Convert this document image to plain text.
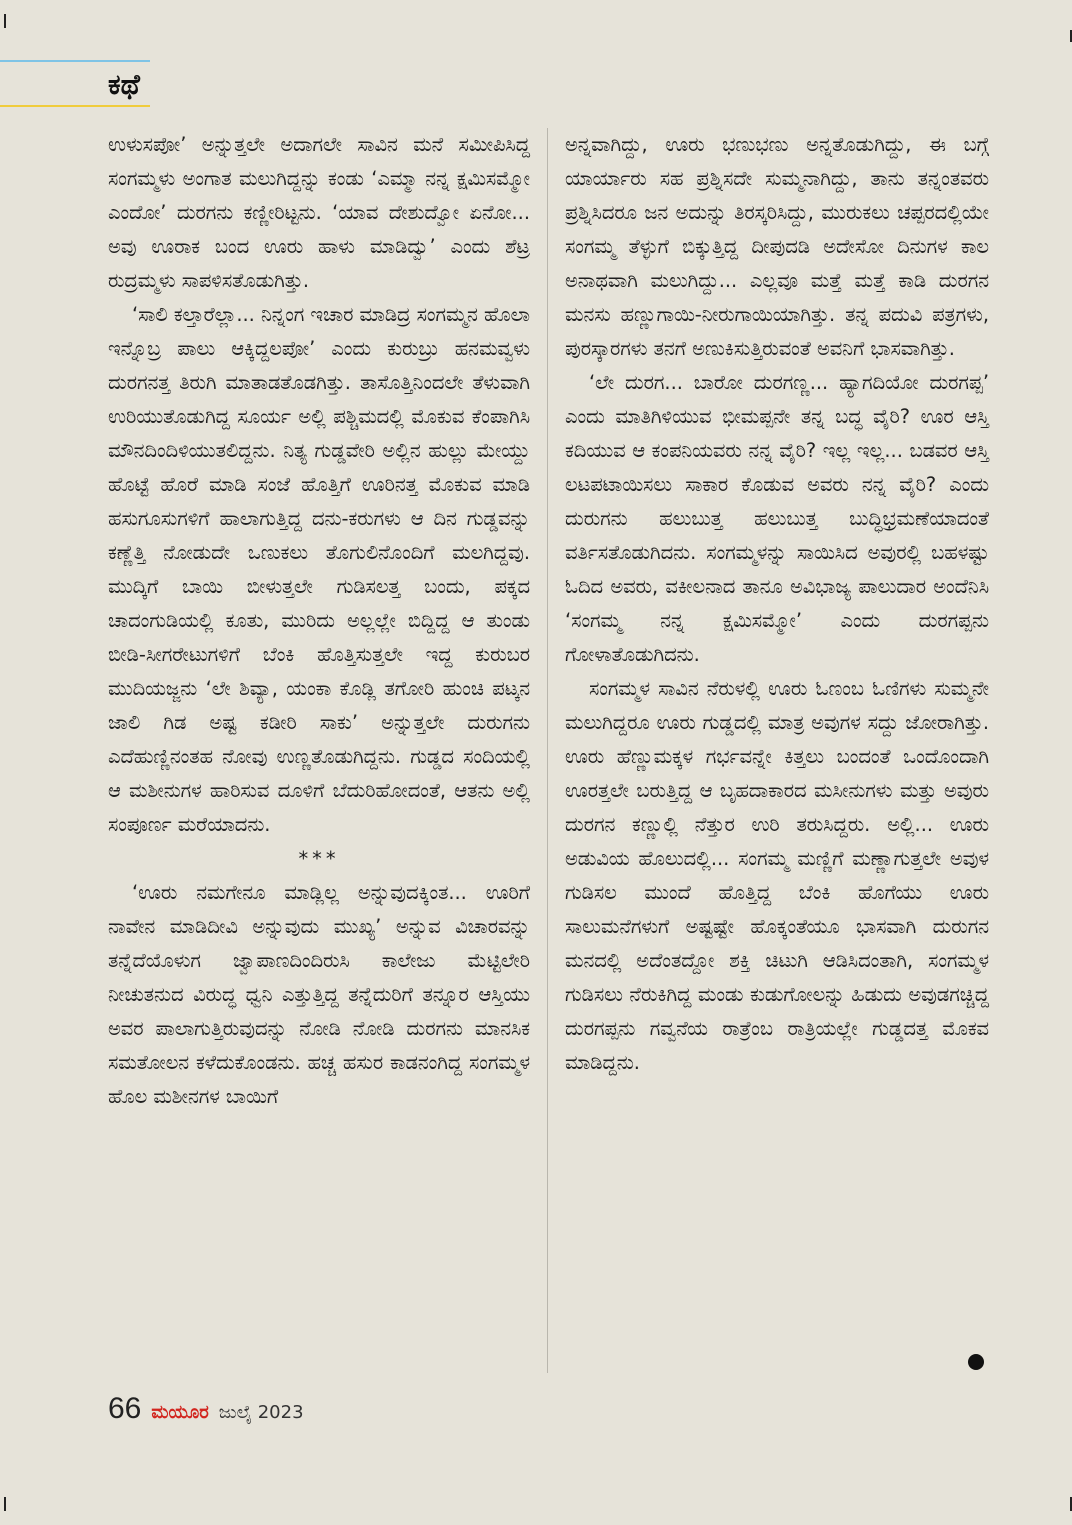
ಕಥೆ

ಉಳುಸಪೋ’ ಅನ್ನುತ್ತಲೇ ಅದಾಗಲೇ ಸಾವಿನ ಮನೆ ಸಮೀಪಿಸಿದ್ದ ಸಂಗಮ್ಮಳು ಅಂಗಾತ ಮಲುಗಿದ್ದನ್ನು ಕಂಡು ‘ಎಮ್ಮಾ ನನ್ನ ಕ್ಷಮಿಸಮ್ಮೋ ಎಂದೋ’ ದುರಗನು ಕಣ್ಣೀರಿಟ್ಟನು. ‘ಯಾವ ದೇಶುದ್ವೋ ಏನೋ... ಅವು ಊರಾಕ ಬಂದ ಊರು ಹಾಳು ಮಾಡಿದ್ವು’ ಎಂದು ಶೆಟ್ರ ರುದ್ರಮ್ಮಳು ಸಾಪಳಿಸತೊಡುಗಿತ್ತು.

‘ಸಾಲಿ ಕಲ್ತಾರೆಲ್ಲಾ... ನಿನ್ನಂಗ ಇಚಾರ ಮಾಡಿದ್ರ ಸಂಗಮ್ಮನ ಹೊಲಾ ಇನ್ನೊಬ್ರ ಪಾಲು ಆಕ್ಕಿದ್ದಲಪೋ’ ಎಂದು ಕುರುಬ್ರು ಹನಮವ್ವಳು ದುರಗನತ್ತ ತಿರುಗಿ ಮಾತಾಡತೊಡಗಿತ್ತು. ತಾಸೊತ್ತಿನಿಂದಲೇ ತೆಳುವಾಗಿ ಉರಿಯುತೊಡುಗಿದ್ದ ಸೂರ್ಯ ಅಲ್ಲಿ ಪಶ್ಚಿಮದಲ್ಲಿ ಮೊಕುವ ಕೆಂಪಾಗಿಸಿ ಮೌನದಿಂದಿಳಿಯುತಲಿದ್ದನು. ನಿತ್ಯ ಗುಡ್ಡವೇರಿ ಅಲ್ಲಿನ ಹುಲ್ಲು ಮೇಯ್ದು ಹೊಟ್ಟೆ ಹೊರೆ ಮಾಡಿ ಸಂಜೆ ಹೊತ್ತಿಗೆ ಊರಿನತ್ತ ಮೊಕುವ ಮಾಡಿ ಹಸುಗೂಸುಗಳಿಗೆ ಹಾಲಾಗುತ್ತಿದ್ದ ದನು-ಕರುಗಳು ಆ ದಿನ ಗುಡ್ಡವನ್ನು ಕಣ್ಣೆತ್ತಿ ನೋಡುದೇ ಒಣುಕಲು ತೊಗುಲಿನೊಂದಿಗೆ ಮಲಗಿದ್ದವು. ಮುದ್ಕಿಗೆ ಬಾಯಿ ಬೀಳುತ್ತಲೇ ಗುಡಿಸಲತ್ತ ಬಂದು, ಪಕ್ಕದ ಚಾದಂಗುಡಿಯಲ್ಲಿ ಕೂತು, ಮುರಿದು ಅಲ್ಲಲ್ಲೇ ಬಿದ್ದಿದ್ದ ಆ ತುಂಡು ಬೀಡಿ-ಸೀಗರೇಟುಗಳಿಗೆ ಬೆಂಕಿ ಹೊತ್ತಿಸುತ್ತಲೇ ಇದ್ದ ಕುರುಬರ ಮುದಿಯಜ್ಜನು ‘ಲೇ ಶಿವ್ಯಾ, ಯಂಕಾ ಕೊಡ್ಲಿ ತಗೋರಿ ಹುಂಚಿ ಪಟ್ಕನ ಜಾಲಿ ಗಿಡ ಅಷ್ಟ ಕಡೀರಿ ಸಾಕು’ ಅನ್ನುತ್ತಲೇ ದುರುಗನು ಎದೆಹುಣ್ಣಿನಂತಹ ನೋವು ಉಣ್ಣತೊಡುಗಿದ್ದನು. ಗುಡ್ಡದ ಸಂದಿಯಲ್ಲಿ ಆ ಮಶೀನುಗಳ ಹಾರಿಸುವ ದೂಳಿಗೆ ಬೆದುರಿಹೋದಂತೆ, ಆತನು ಅಲ್ಲಿ ಸಂಪೂರ್ಣ ಮರೆಯಾದನು.

***

‘ಊರು ನಮಗೇನೂ ಮಾಡ್ಲಿಲ್ಲ ಅನ್ನುವುದಕ್ಕಿಂತ... ಊರಿಗೆ ನಾವೇನ ಮಾಡಿದೀವಿ ಅನ್ನುವುದು ಮುಖ್ಯ’ ಅನ್ನುವ ವಿಚಾರವನ್ನು ತನ್ನೆದೆಯೊಳುಗ ಜ್ವಾಪಾಣದಿಂದಿರುಸಿ ಕಾಲೇಜು ಮೆಟ್ಟಿಲೇರಿ ನೀಚುತನುದ ವಿರುದ್ಧ ಧ್ವನಿ ಎತ್ತುತ್ತಿದ್ದ ತನ್ನೆದುರಿಗೆ ತನ್ನೂರ ಆಸ್ತಿಯು ಅವರ ಪಾಲಾಗುತ್ತಿರುವುದನ್ನು ನೋಡಿ ನೋಡಿ ದುರಗನು ಮಾನಸಿಕ ಸಮತೋಲನ ಕಳೆದುಕೊಂಡನು. ಹಚ್ಚ ಹಸುರ ಕಾಡನಂಗಿದ್ದ ಸಂಗಮ್ಮಳ ಹೊಲ ಮಶೀನಗಳ ಬಾಯಿಗೆ

ಅನ್ನವಾಗಿದ್ದು, ಊರು ಭಣುಭಣು ಅನ್ನತೊಡುಗಿದ್ದು, ಈ ಬಗ್ಗೆ ಯಾರ್ಯಾರು ಸಹ ಪ್ರಶ್ನಿಸದೇ ಸುಮ್ಮನಾಗಿದ್ದು, ತಾನು ತನ್ನಂತವರು ಪ್ರಶ್ನಿಸಿದರೂ ಜನ ಅದುನ್ನು ತಿರಸ್ಕರಿಸಿದ್ದು, ಮುರುಕಲು ಚಪ್ಪರದಲ್ಲಿಯೇ ಸಂಗಮ್ಮ ತೆಳ್ಳುಗೆ ಬಿಕ್ಕುತ್ತಿದ್ದ ದೀಪುದಡಿ ಅದೇಸೋ ದಿನುಗಳ ಕಾಲ ಅನಾಥವಾಗಿ ಮಲುಗಿದ್ದು... ಎಲ್ಲವೂ ಮತ್ತೆ ಮತ್ತೆ ಕಾಡಿ ದುರಗನ ಮನಸು ಹಣ್ಣುಗಾಯಿ-ನೀರುಗಾಯಿಯಾಗಿತ್ತು. ತನ್ನ ಪದುವಿ ಪತ್ರಗಳು, ಪುರಸ್ಕಾರಗಳು ತನಗೆ ಅಣುಕಿಸುತ್ತಿರುವಂತೆ ಅವನಿಗೆ ಭಾಸವಾಗಿತ್ತು.

‘ಲೇ ದುರಗ... ಬಾರೋ ದುರಗಣ್ಣ... ಹ್ಯಾಗದಿಯೋ ದುರಗಪ್ಪ’ ಎಂದು ಮಾತಿಗಿಳಿಯುವ ಭೀಮಪ್ಪನೇ ತನ್ನ ಬದ್ಧ ವೈರಿ? ಊರ ಆಸ್ತಿ ಕದಿಯುವ ಆ ಕಂಪನಿಯವರು ನನ್ನ ವೈರಿ? ಇಲ್ಲ ಇಲ್ಲ... ಬಡವರ ಆಸ್ತಿ ಲಟಪಟಾಯಿಸಲು ಸಾಕಾರ ಕೊಡುವ ಅವರು ನನ್ನ ವೈರಿ? ಎಂದು ದುರುಗನು ಹಲುಬುತ್ತ ಹಲುಬುತ್ತ ಬುದ್ಧಿಭ್ರಮಣೆಯಾದಂತೆ ವರ್ತಿಸತೊಡುಗಿದನು. ಸಂಗಮ್ಮಳನ್ನು ಸಾಯಿಸಿದ ಅವುರಲ್ಲಿ ಬಹಳಷ್ಟು ಓದಿದ ಅವರು, ವಕೀಲನಾದ ತಾನೂ ಅವಿಭಾಜ್ಯ ಪಾಲುದಾರ ಅಂದೆನಿಸಿ ‘ಸಂಗಮ್ಮ ನನ್ನ ಕ್ಷಮಿಸಮ್ಮೋ’ ಎಂದು ದುರಗಪ್ಪನು ಗೋಳಾತೊಡುಗಿದನು.

ಸಂಗಮ್ಮಳ ಸಾವಿನ ನೆರುಳಲ್ಲಿ ಊರು ಓಣಂಬ ಓಣಿಗಳು ಸುಮ್ಮನೇ ಮಲುಗಿದ್ದರೂ ಊರು ಗುಡ್ಡದಲ್ಲಿ ಮಾತ್ರ ಅವುಗಳ ಸದ್ದು ಜೋರಾಗಿತ್ತು. ಊರು ಹೆಣ್ಣುಮಕ್ಕಳ ಗರ್ಭವನ್ನೇ ಕಿತ್ತಲು ಬಂದಂತೆ ಒಂದೊಂದಾಗಿ ಊರತ್ತಲೇ ಬರುತ್ತಿದ್ದ ಆ ಬೃಹದಾಕಾರದ ಮಸೀನುಗಳು ಮತ್ತು ಅವುರು ದುರಗನ ಕಣ್ಣುಲ್ಲಿ ನೆತ್ತುರ ಉರಿ ತರುಸಿದ್ದರು. ಅಲ್ಲಿ... ಊರು ಅಡುವಿಯ ಹೊಲುದಲ್ಲಿ... ಸಂಗಮ್ಮ ಮಣ್ಣಿಗೆ ಮಣ್ಣಾಗುತ್ತಲೇ ಅವುಳ ಗುಡಿಸಲ ಮುಂದೆ ಹೊತ್ತಿದ್ದ ಬೆಂಕಿ ಹೊಗೆಯು ಊರು ಸಾಲುಮನೆಗಳುಗೆ ಅಷ್ಟಷ್ಟೇ ಹೊಕ್ಕಂತೆಯೂ ಭಾಸವಾಗಿ ದುರುಗನ ಮನದಲ್ಲಿ ಅದೆಂತದ್ದೋ ಶಕ್ತಿ ಚಿಟುಗಿ ಆಡಿಸಿದಂತಾಗಿ, ಸಂಗಮ್ಮಳ ಗುಡಿಸಲು ನೆರುಕಿಗಿದ್ದ ಮಂಡು ಕುಡುಗೋಲನ್ನು ಹಿಡುದು ಅವುಡಗಚ್ಚಿದ್ದ ದುರಗಪ್ಪನು ಗವ್ವನೆಯ ರಾತ್ರೆಂಬ ರಾತ್ರಿಯಲ್ಲೇ ಗುಡ್ಡದತ್ತ ಮೊಕವ ಮಾಡಿದ್ದನು.

66 ಮಯೂರ ಜುಲೈ 2023
